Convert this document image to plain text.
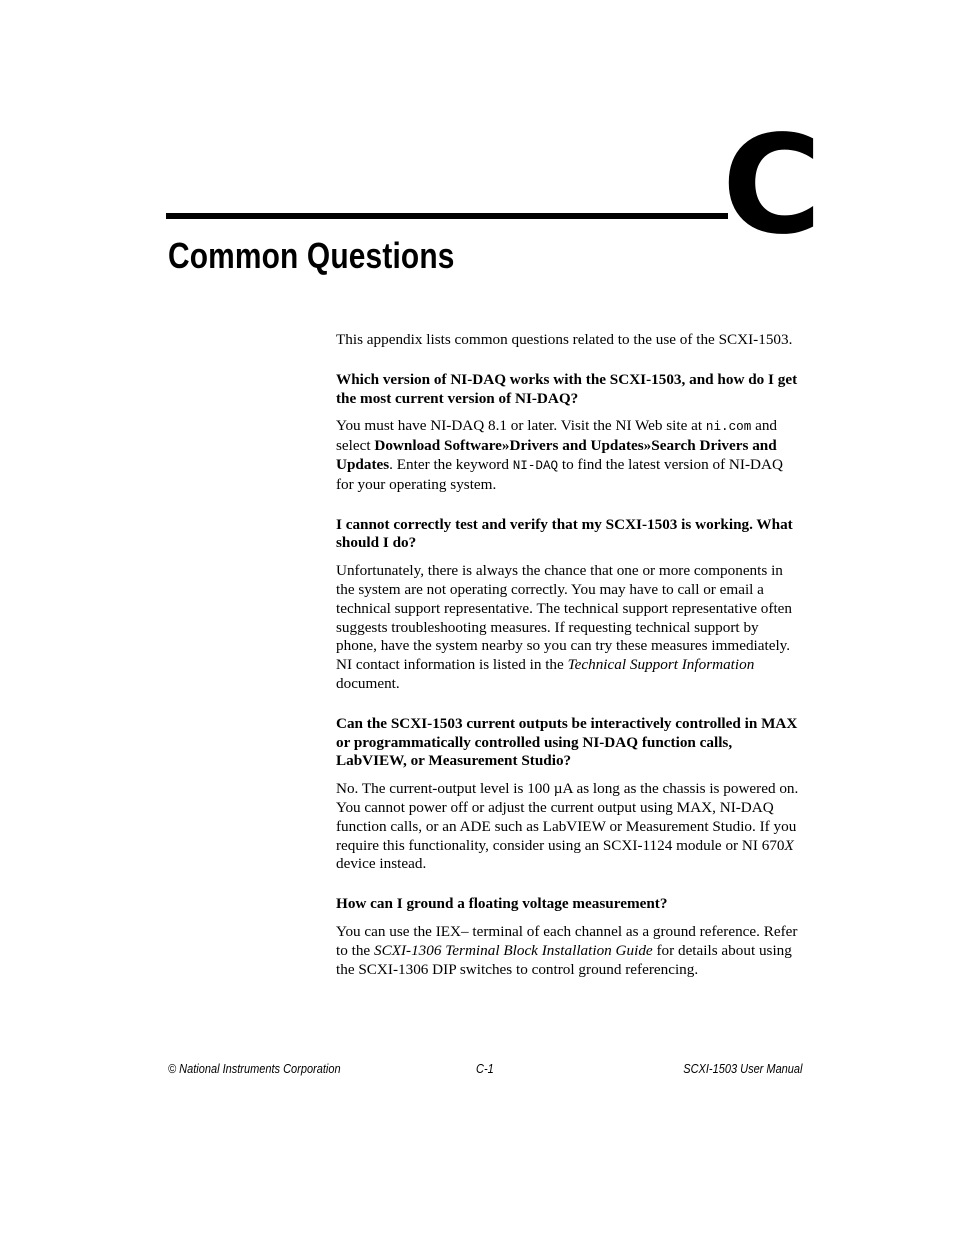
C
Common Questions

This appendix lists common questions related to the use of the SCXI-1503.

Which version of NI-DAQ works with the SCXI-1503, and how do I get the most current version of NI-DAQ?

You must have NI-DAQ 8.1 or later. Visit the NI Web site at ni.com and select Download Software»Drivers and Updates»Search Drivers and Updates. Enter the keyword NI-DAQ to find the latest version of NI-DAQ for your operating system.

I cannot correctly test and verify that my SCXI-1503 is working. What should I do?

Unfortunately, there is always the chance that one or more components in the system are not operating correctly. You may have to call or email a technical support representative. The technical support representative often suggests troubleshooting measures. If requesting technical support by phone, have the system nearby so you can try these measures immediately. NI contact information is listed in the Technical Support Information document.

Can the SCXI-1503 current outputs be interactively controlled in MAX or programmatically controlled using NI-DAQ function calls, LabVIEW, or Measurement Studio?

No. The current-output level is 100 µA as long as the chassis is powered on. You cannot power off or adjust the current output using MAX, NI-DAQ function calls, or an ADE such as LabVIEW or Measurement Studio. If you require this functionality, consider using an SCXI-1124 module or NI 670X device instead.

How can I ground a floating voltage measurement?

You can use the IEX– terminal of each channel as a ground reference. Refer to the SCXI-1306 Terminal Block Installation Guide for details about using the SCXI-1306 DIP switches to control ground referencing.

© National Instruments Corporation	C-1	SCXI-1503 User Manual
